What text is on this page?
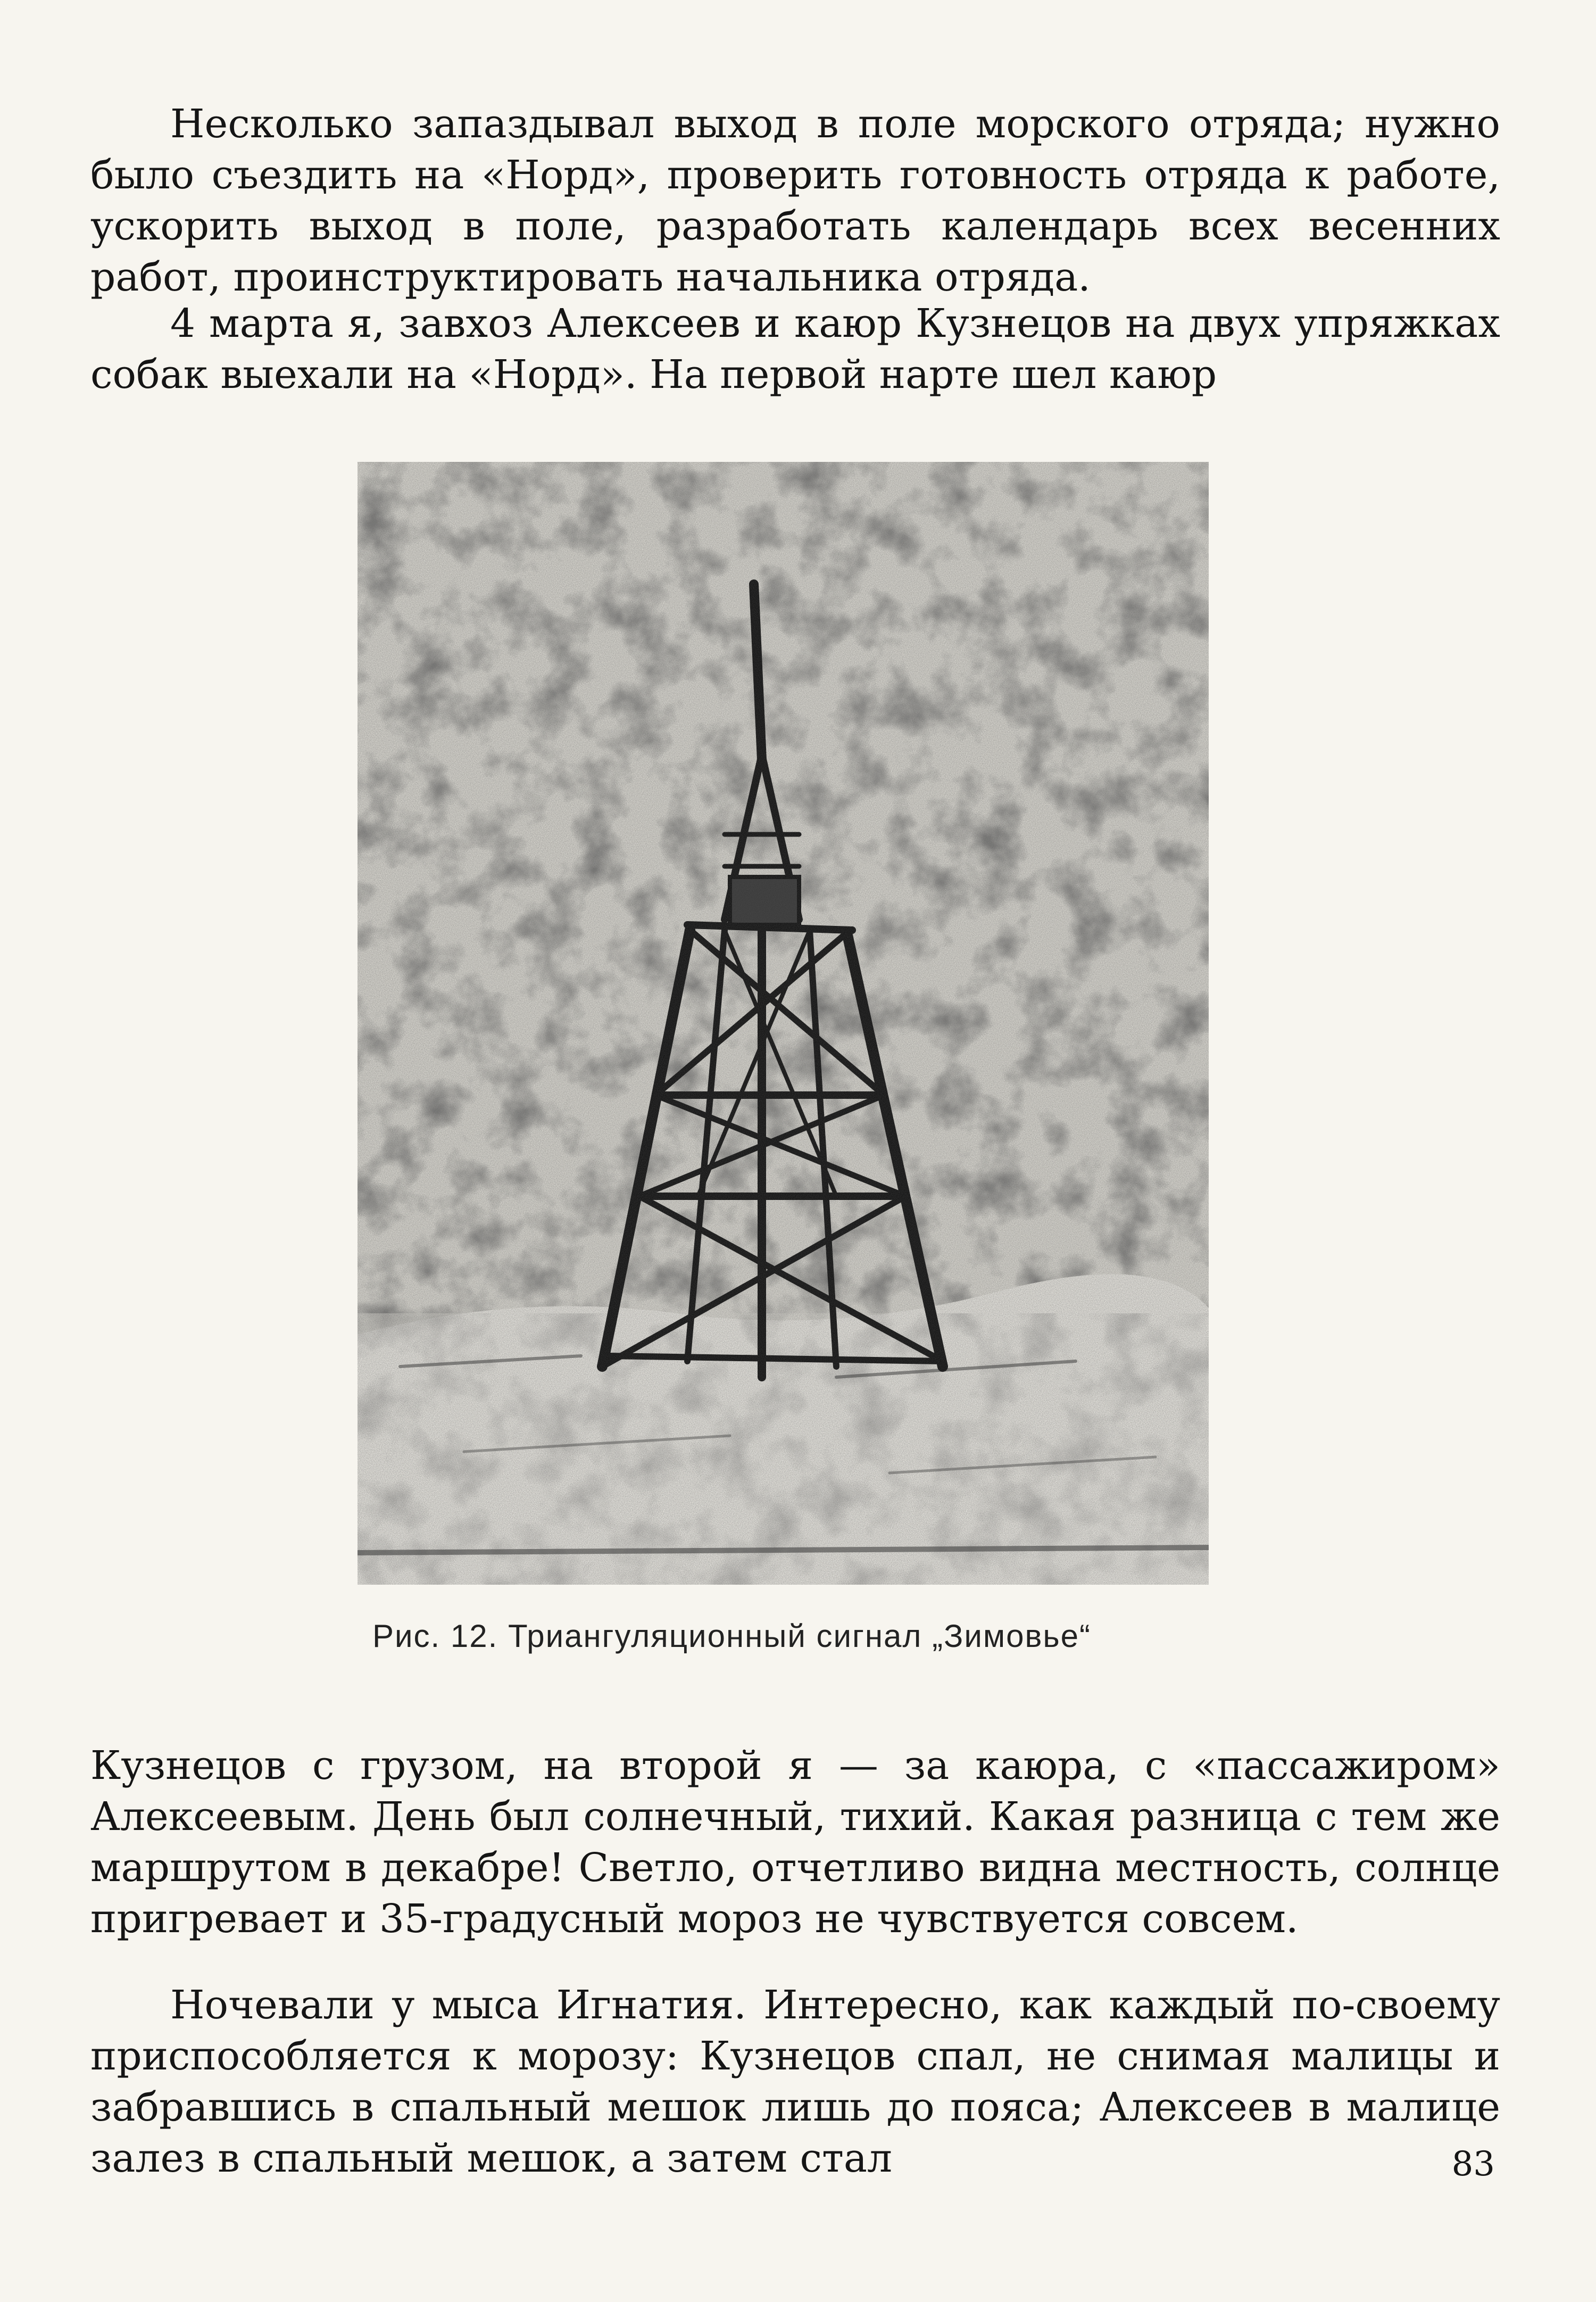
Несколько запаздывал выход в поле морского отряда; нужно было съездить на «Норд», проверить готовность отряда к работе, ускорить выход в поле, разработать календарь всех весенних работ, проинструктировать начальника отряда.

4 марта я, завхоз Алексеев и каюр Кузнецов на двух упряжках собак выехали на «Норд». На первой нарте шел каюр

Рис. 12. Триангуляционный сигнал „Зимовье“

Кузнецов с грузом, на второй я — за каюра, с «пассажиром» Алексеевым. День был солнечный, тихий. Какая разница с тем же маршрутом в декабре! Светло, отчетливо видна местность, солнце пригревает и 35-градусный мороз не чувствуется совсем.

Ночевали у мыса Игнатия. Интересно, как каждый по-своему приспособляется к морозу: Кузнецов спал, не снимая малицы и забравшись в спальный мешок лишь до пояса; Алексеев в малице залез в спальный мешок, а затем стал	83
